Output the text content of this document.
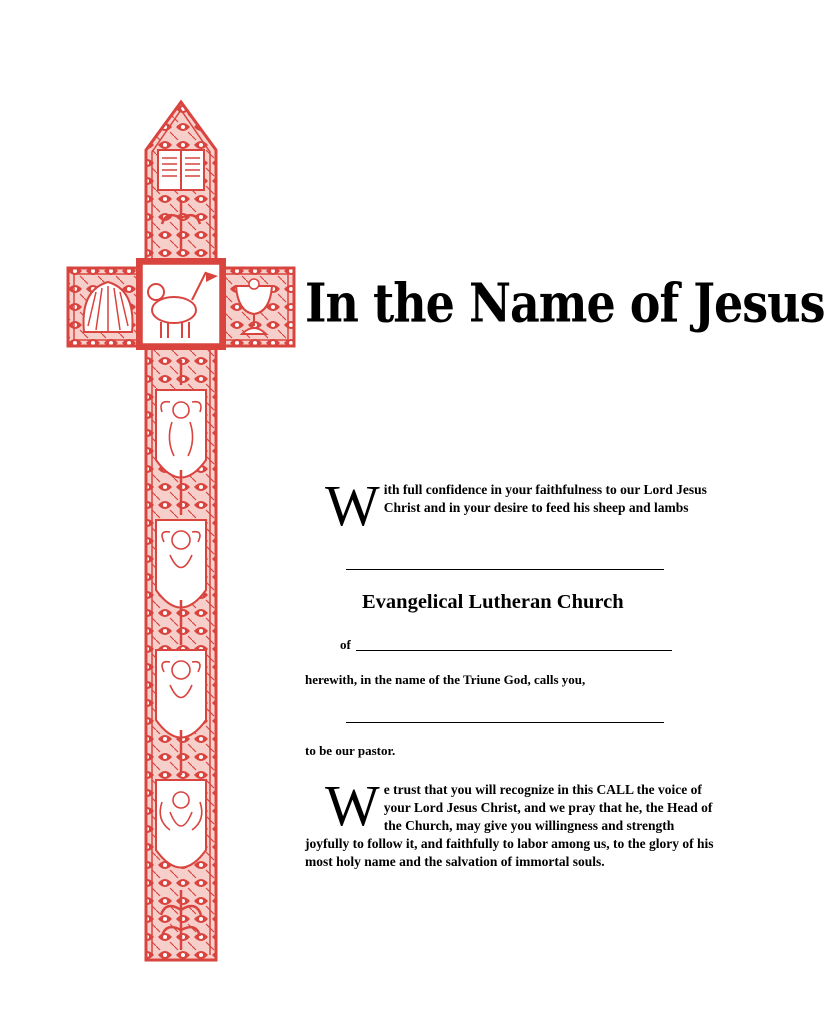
In the Name of Jesus
With full confidence in your faithfulness to our Lord Jesus Christ and in your desire to feed his sheep and lambs
Evangelical Lutheran Church
of
herewith, in the name of the Triune God, calls you,
to be our pastor.
We trust that you will recognize in this CALL the voice of your Lord Jesus Christ, and we pray that he, the Head of the Church, may give you willingness and strength joyfully to follow it, and faithfully to labor among us, to the glory of his most holy name and the salvation of immortal souls.
